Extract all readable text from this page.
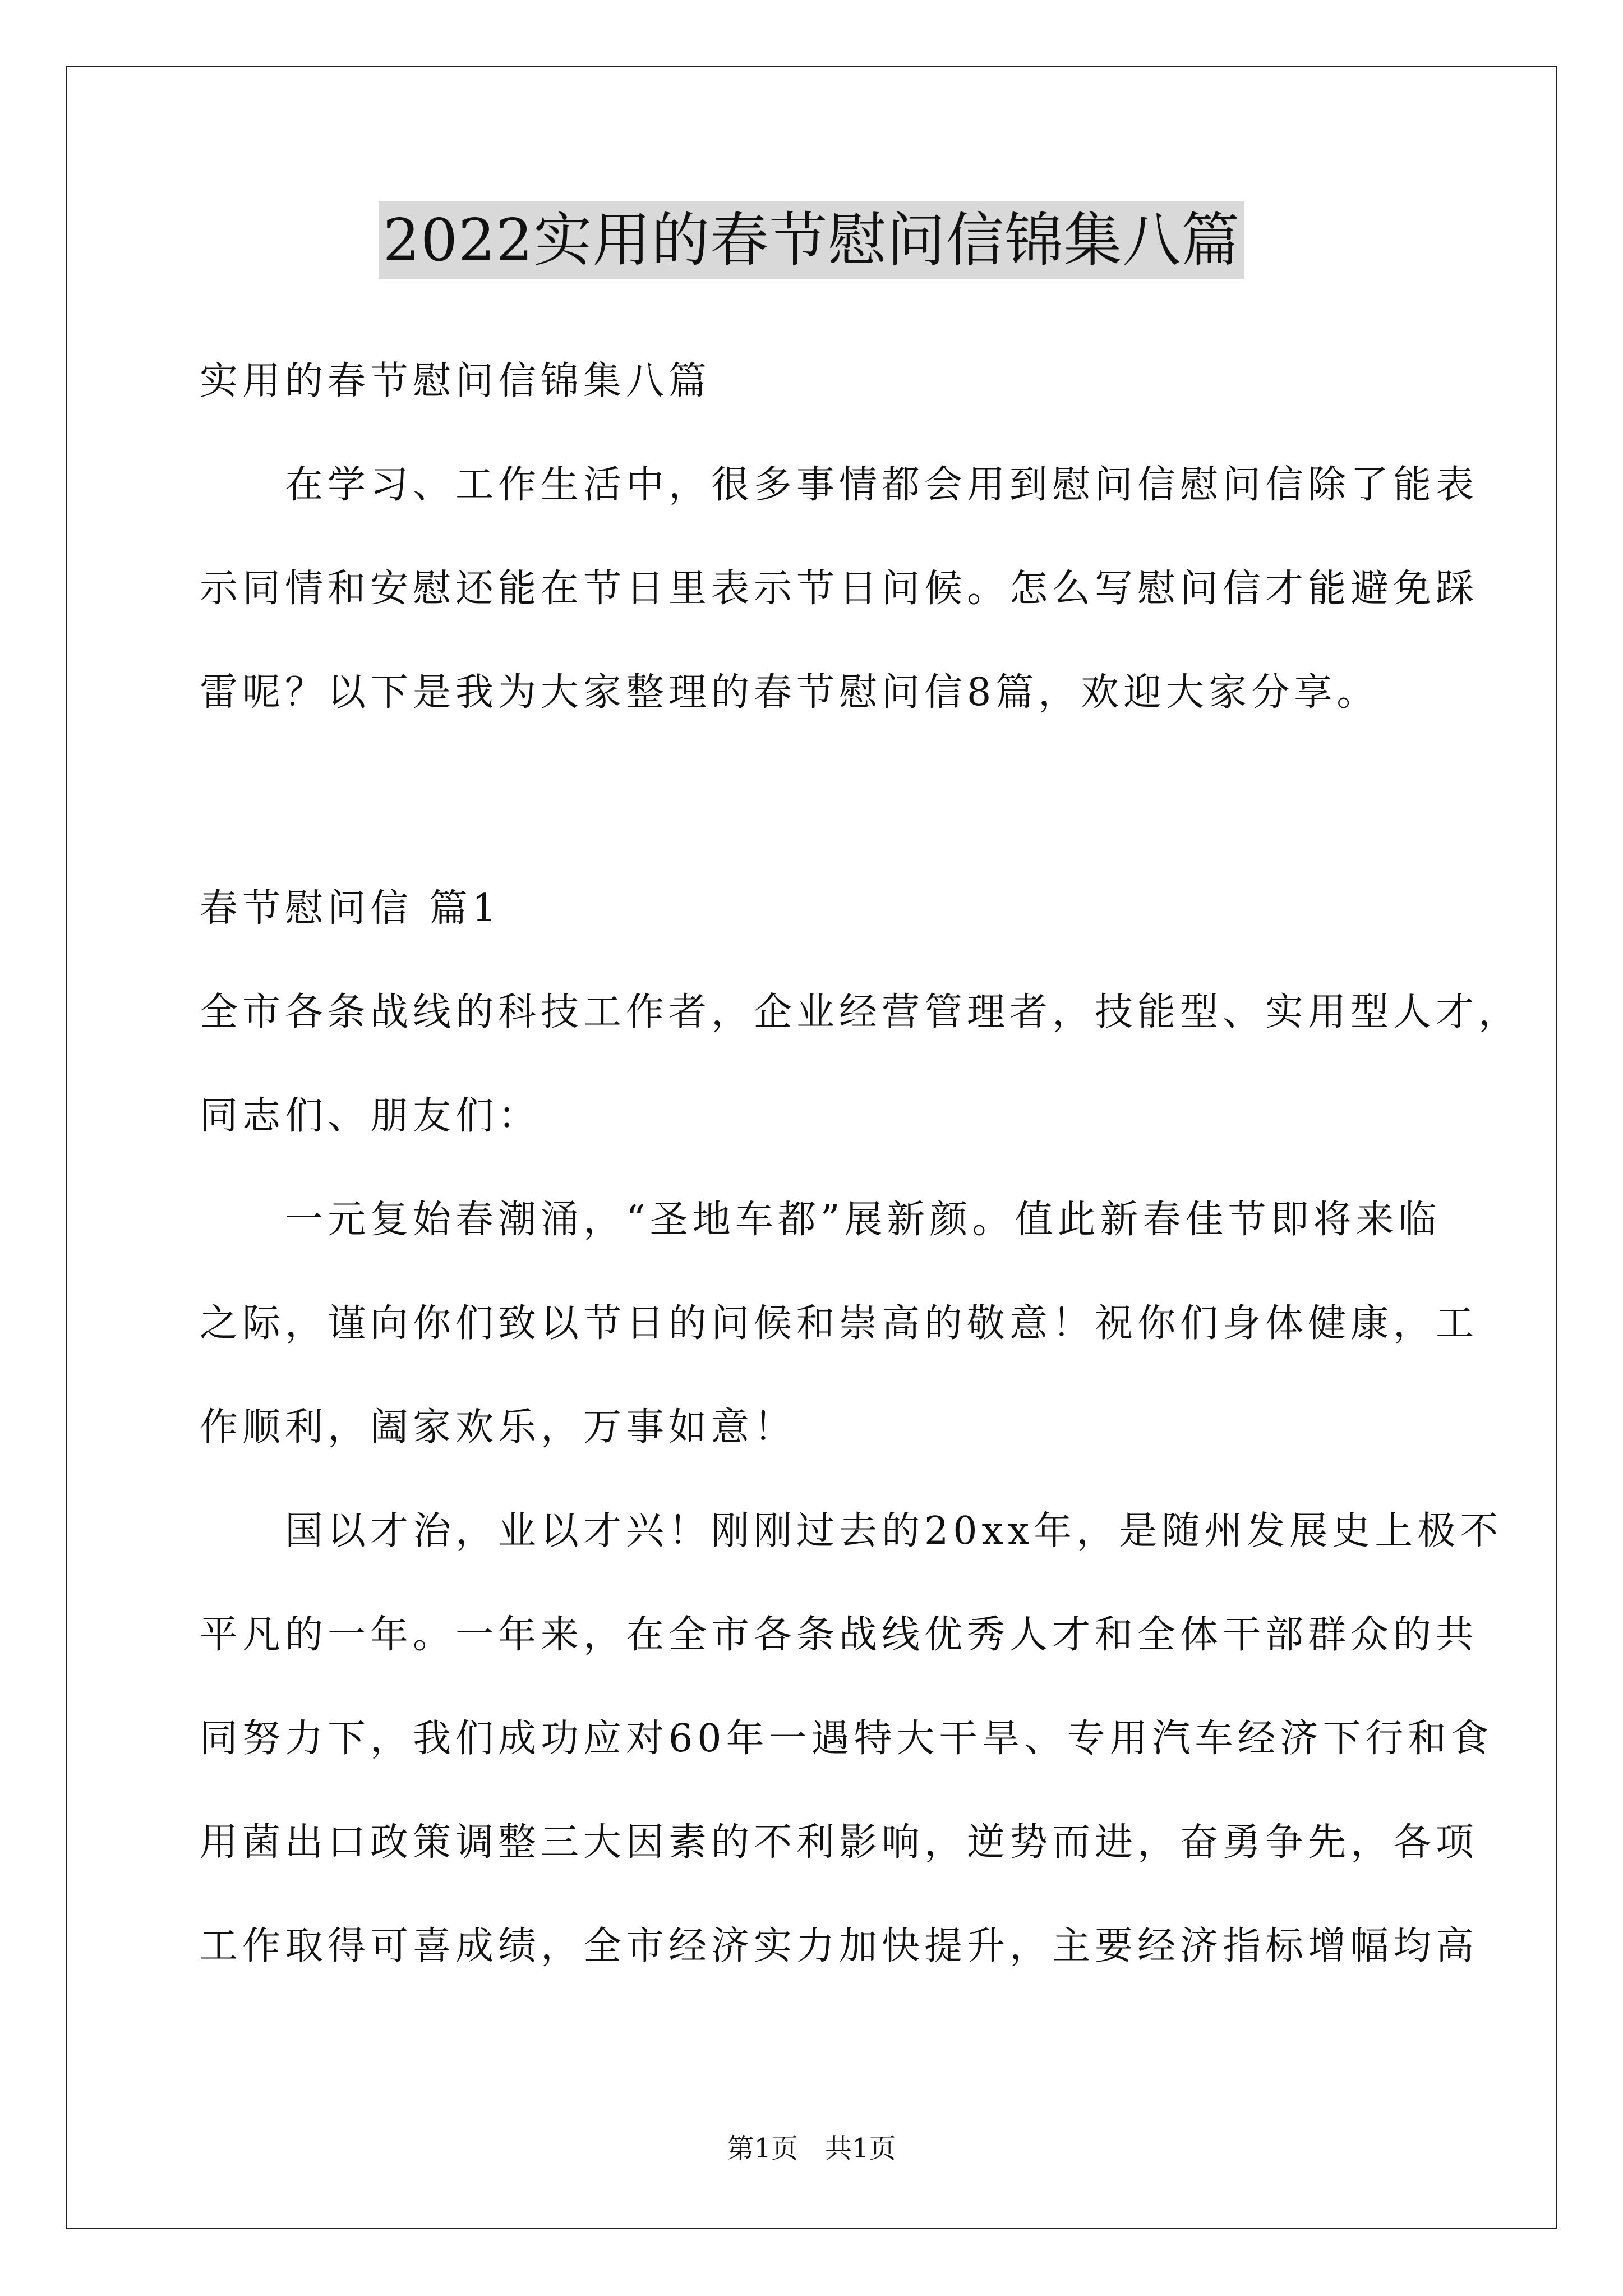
2022实用的春节慰问信锦集八篇
实用的春节慰问信锦集八篇
　　在学习、工作生活中，很多事情都会用到慰问信慰问信除了能表
示同情和安慰还能在节日里表示节日问候。怎么写慰问信才能避免踩
雷呢？以下是我为大家整理的春节慰问信8篇，欢迎大家分享。
春节慰问信 篇1
全市各条战线的科技工作者，企业经营管理者，技能型、实用型人才，
同志们、朋友们：
　　一元复始春潮涌，“圣地车都”展新颜。值此新春佳节即将来临
之际，谨向你们致以节日的问候和崇高的敬意！祝你们身体健康，工
作顺利，阖家欢乐，万事如意！
　　国以才治，业以才兴！刚刚过去的20xx年，是随州发展史上极不
平凡的一年。一年来，在全市各条战线优秀人才和全体干部群众的共
同努力下，我们成功应对60年一遇特大干旱、专用汽车经济下行和食
用菌出口政策调整三大因素的不利影响，逆势而进，奋勇争先，各项
工作取得可喜成绩，全市经济实力加快提升，主要经济指标增幅均高
第1页　共1页
